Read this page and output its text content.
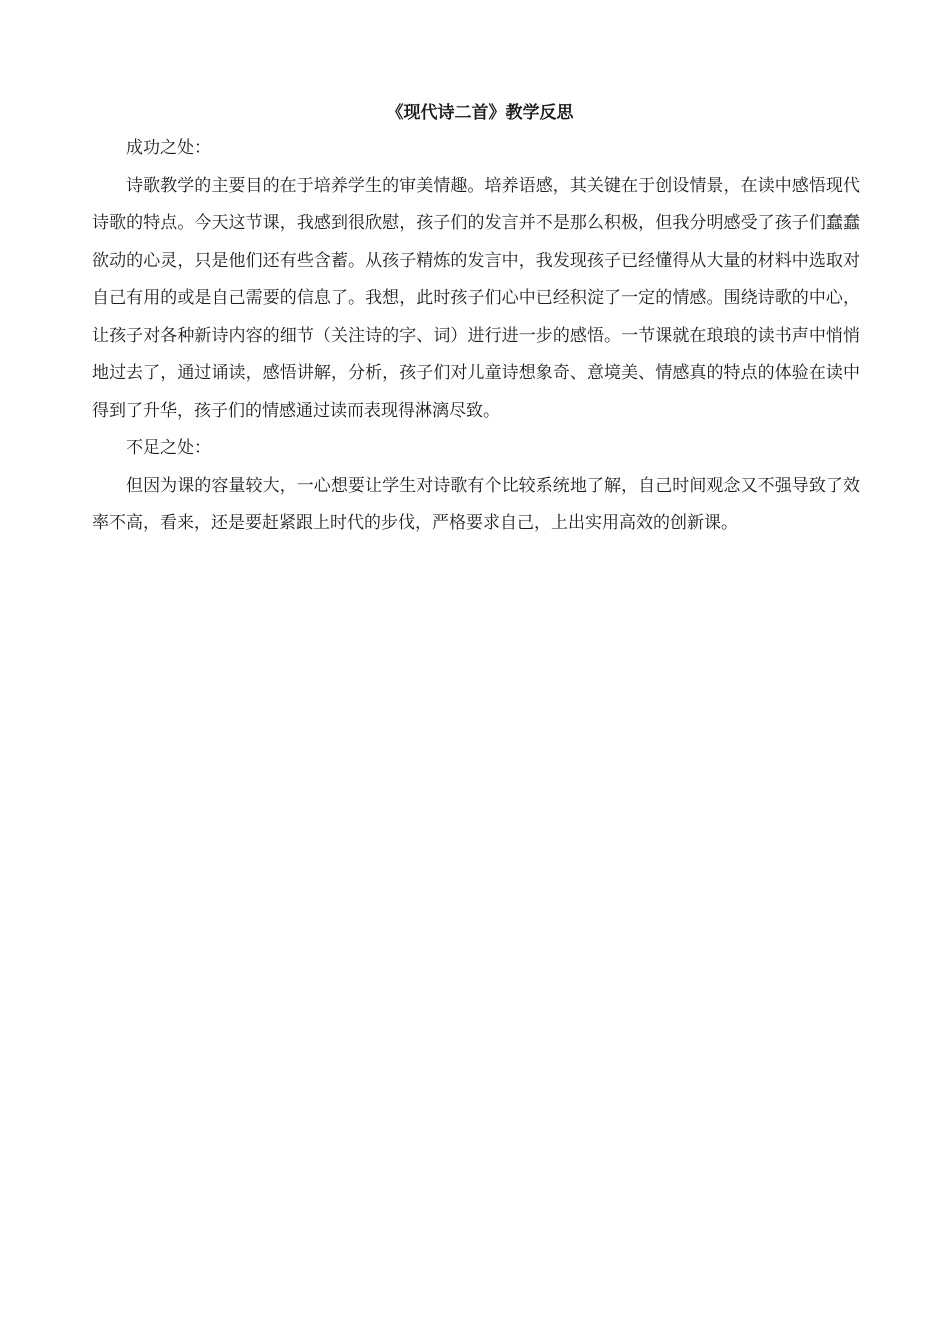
《现代诗二首》教学反思

成功之处：

诗歌教学的主要目的在于培养学生的审美情趣。培养语感，其关键在于创设情景，在读中感悟现代诗歌的特点。今天这节课，我感到很欣慰，孩子们的发言并不是那么积极，但我分明感受了孩子们蠢蠢欲动的心灵，只是他们还有些含蓄。从孩子精炼的发言中，我发现孩子已经懂得从大量的材料中选取对自己有用的或是自己需要的信息了。我想，此时孩子们心中已经积淀了一定的情感。围绕诗歌的中心，让孩子对各种新诗内容的细节（关注诗的字、词）进行进一步的感悟。一节课就在琅琅的读书声中悄悄地过去了，通过诵读，感悟讲解，分析，孩子们对儿童诗想象奇、意境美、情感真的特点的体验在读中得到了升华，孩子们的情感通过读而表现得淋漓尽致。

不足之处：

但因为课的容量较大，一心想要让学生对诗歌有个比较系统地了解，自己时间观念又不强导致了效率不高，看来，还是要赶紧跟上时代的步伐，严格要求自己，上出实用高效的创新课。
